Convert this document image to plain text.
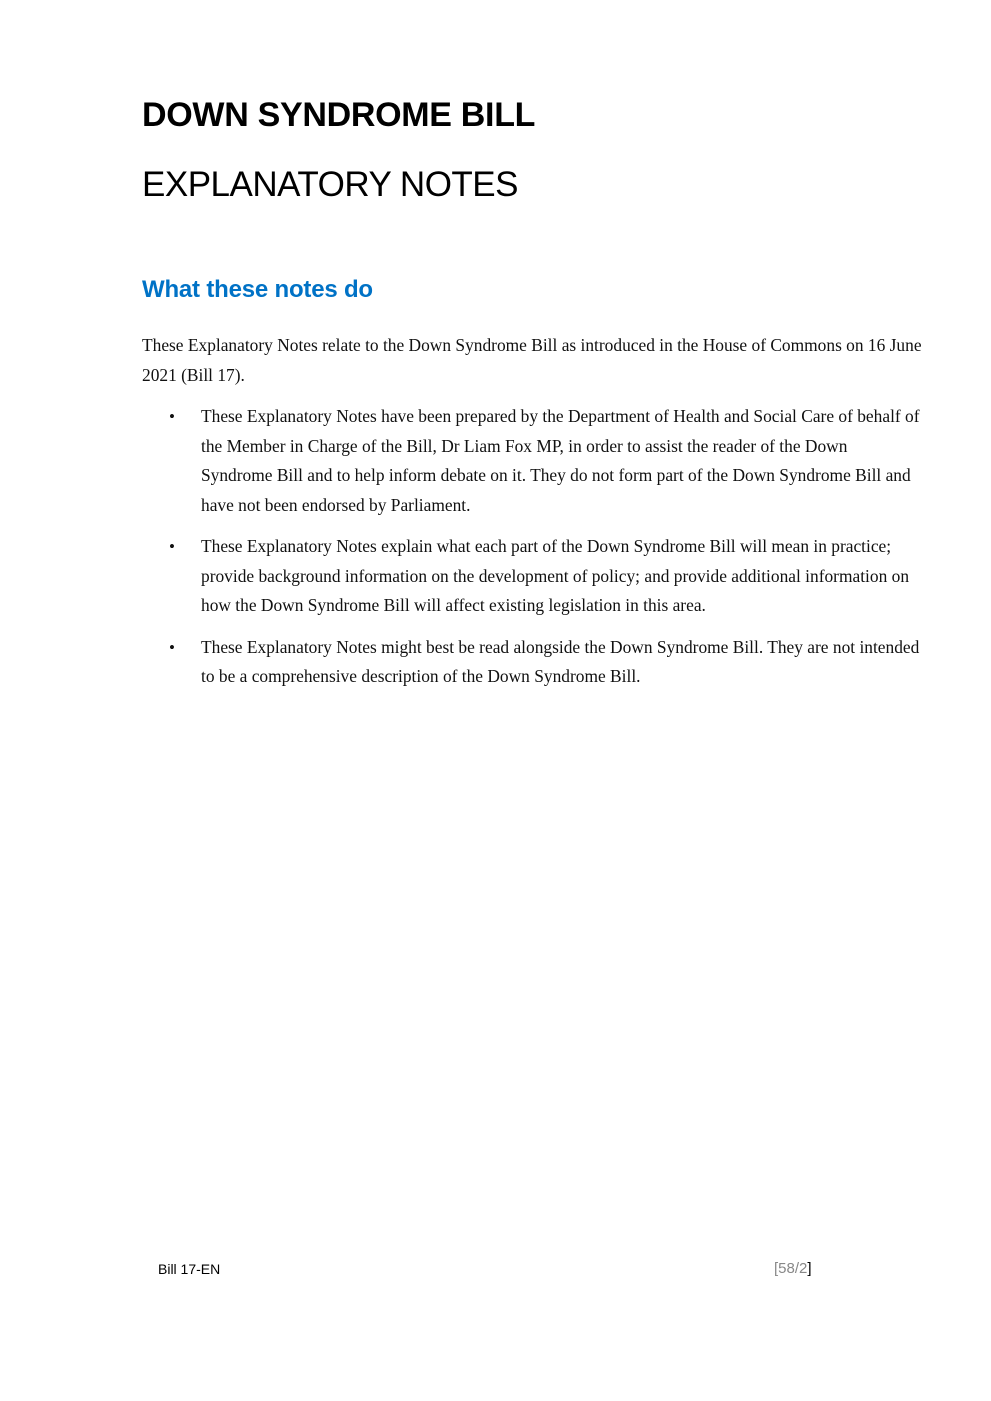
DOWN SYNDROME BILL
EXPLANATORY NOTES
What these notes do

These Explanatory Notes relate to the Down Syndrome Bill as introduced in the House of Commons on 16 June 2021 (Bill 17).

• These Explanatory Notes have been prepared by the Department of Health and Social Care of behalf of the Member in Charge of the Bill, Dr Liam Fox MP, in order to assist the reader of the Down Syndrome Bill and to help inform debate on it. They do not form part of the Down Syndrome Bill and have not been endorsed by Parliament.
• These Explanatory Notes explain what each part of the Down Syndrome Bill will mean in practice; provide background information on the development of policy; and provide additional information on how the Down Syndrome Bill will affect existing legislation in this area.
• These Explanatory Notes might best be read alongside the Down Syndrome Bill. They are not intended to be a comprehensive description of the Down Syndrome Bill.
Bill 17-EN	[58/2]
